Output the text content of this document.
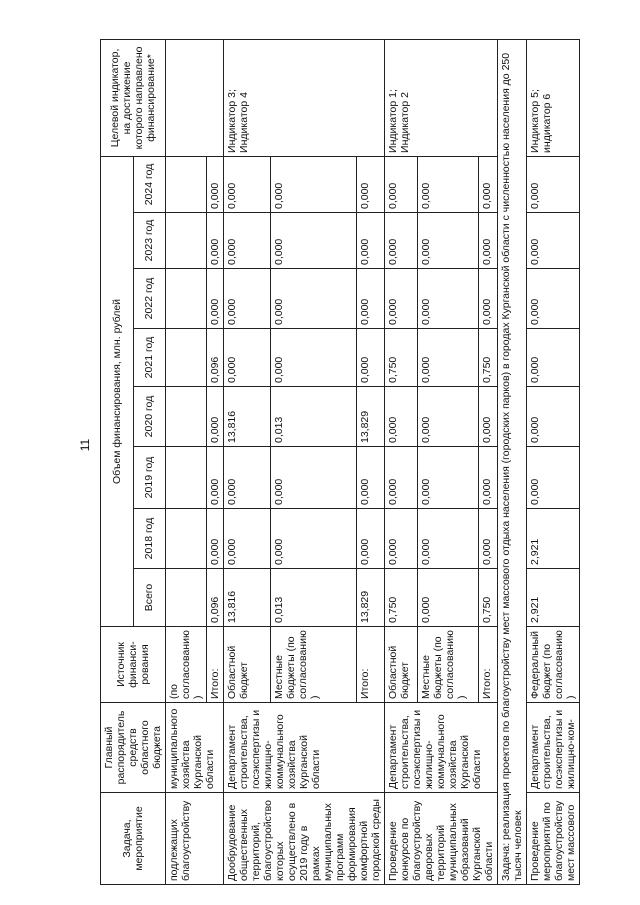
11
Задача, мероприятие	Главный распорядитель средств областного бюджета	Источник финанси-рования	Объем финансирования, млн. рублей								Целевой индикатор, на достижение которого направлено финансирование*
			Всего	2018 год	2019 год	2020 год	2021 год	2022 год	2023 год	2024 год	
подлежащих благоустройству	муниципального хозяйства Курганской области	(по согласованию)									
		Итого:	0,096	0,000	0,000	0,000	0,096	0,000	0,000	0,000	
Дообрудование общественных территорий, благоустройство которых осуществлено в 2019 году в рамках муниципальных программ формирования комфортной городской среды	Департамент строительства, госэкспертизы и жилищно-коммунального хозяйства Курганской области	Областной бюджет	13,816	0,000	0,000	13,816	0,000	0,000	0,000	0,000	Индикатор 3; Индикатор 4
		Местные бюджеты (по согласованию)	0,013	0,000	0,000	0,013	0,000	0,000	0,000	0,000	
		Итого:	13,829	0,000	0,000	13,829	0,000	0,000	0,000	0,000	
Проведение конкурсов по благоустройству дворовых территорий муниципальных образований Курганской области	Департамент строительства, госэкспертизы и жилищно-коммунального хозяйства Курганской области	Областной бюджет	0,750	0,000	0,000	0,000	0,750	0,000	0,000	0,000	Индикатор 1; Индикатор 2
		Местные бюджеты (по согласованию)	0,000	0,000	0,000	0,000	0,000	0,000	0,000	0,000	
		Итого:	0,750	0,000	0,000	0,000	0,750	0,000	0,000	0,000	
Задача: реализация проектов по благоустройству мест массового отдыха населения (городских парков) в городах Курганской области с численностью населения до 250 тысяч человек											
Проведение мероприятий по благоустройству мест массового	Департамент строительства, госэкспертизы и жилищно-ком-	Федеральный бюджет (по согласованию)	2,921	2,921	0,000	0,000	0,000	0,000	0,000	0,000	Индикатор 5; индикатор 6
